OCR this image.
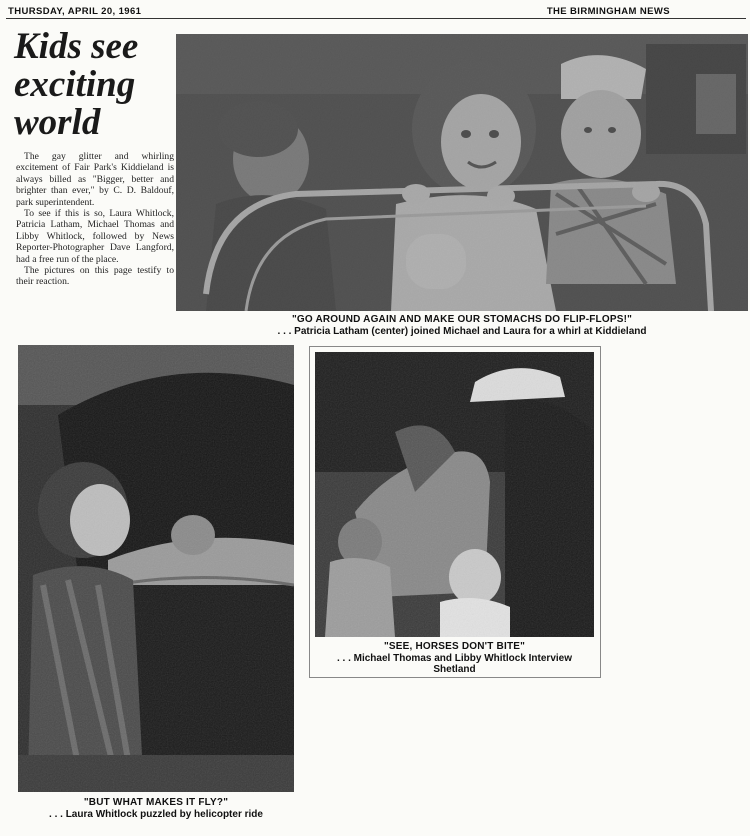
THURSDAY, APRIL 20, 1961	THE BIRMINGHAM NEWS
Kids see
exciting
world

The gay glitter and whirling excitement of Fair Park's Kiddieland is always billed as "Bigger, better and brighter than ever," by C. D. Baldouf, park superintendent.

To see if this is so, Laura Whitlock, Patricia Latham, Michael Thomas and Libby Whitlock, followed by News Reporter-Photographer Dave Langford, had a free run of the place.

The pictures on this page testify to their reaction.

"GO AROUND AGAIN AND MAKE OUR STOMACHS DO FLIP-FLOPS!"
. . . Patricia Latham (center) joined Michael and Laura for a whirl at Kiddieland
"BUT WHAT MAKES IT FLY?"
. . . Laura Whitlock puzzled by helicopter ride
"SEE, HORSES DON'T BITE"
. . . Michael Thomas and Libby Whitlock Interview Shetland
